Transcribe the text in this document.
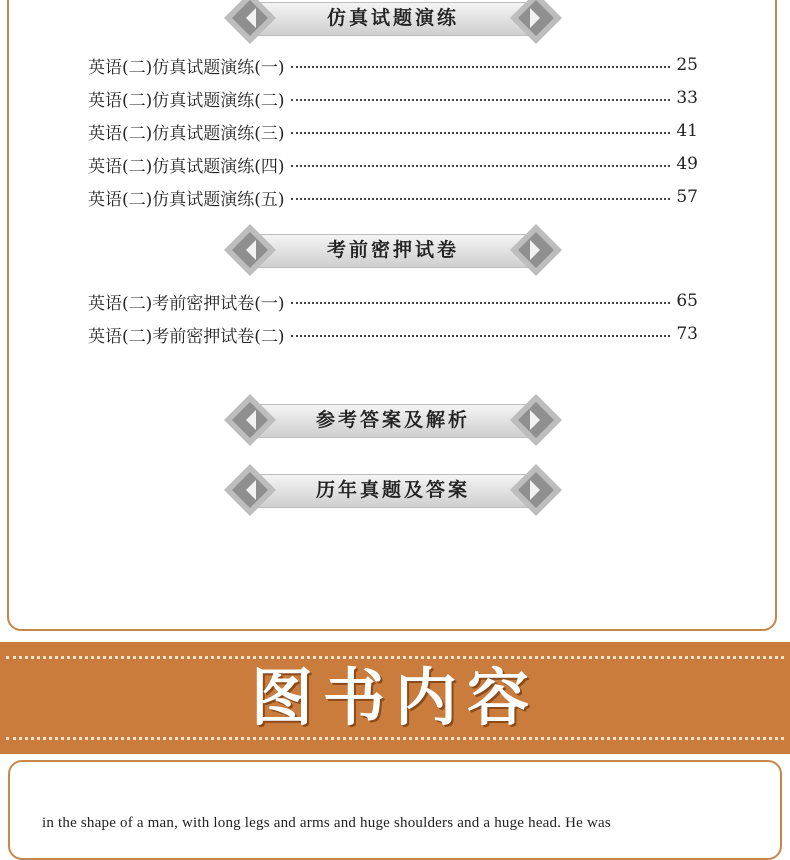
仿真试题演练
英语(二)仿真试题演练(一)	25
英语(二)仿真试题演练(二)	33
英语(二)仿真试题演练(三)	41
英语(二)仿真试题演练(四)	49
英语(二)仿真试题演练(五)	57
考前密押试卷
英语(二)考前密押试卷(一)	65
英语(二)考前密押试卷(二)	73
参考答案及解析
历年真题及答案
图书内容
in the shape of a man, with long legs and arms and huge shoulders and a huge head. He was
